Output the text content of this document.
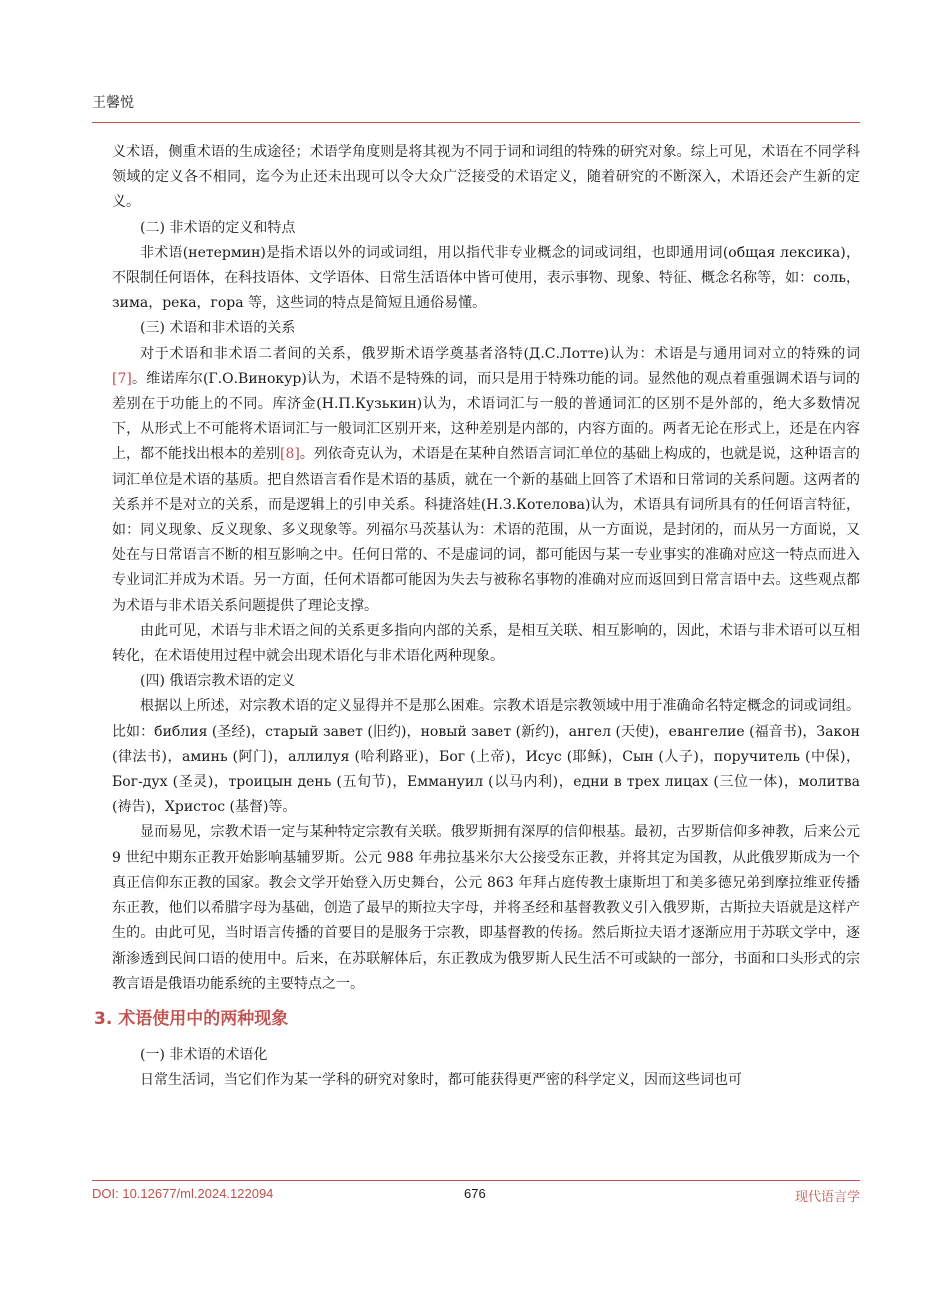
王馨悦

义术语，侧重术语的生成途径；术语学角度则是将其视为不同于词和词组的特殊的研究对象。综上可见，术语在不同学科领域的定义各不相同，迄今为止还未出现可以令大众广泛接受的术语定义，随着研究的不断深入，术语还会产生新的定义。

(二) 非术语的定义和特点

非术语(нетермин)是指术语以外的词或词组，用以指代非专业概念的词或词组，也即通用词(общая лексика)，不限制任何语体，在科技语体、文学语体、日常生活语体中皆可使用，表示事物、现象、特征、概念名称等，如：соль，зима，река，гора 等，这些词的特点是简短且通俗易懂。

(三) 术语和非术语的关系

对于术语和非术语二者间的关系，俄罗斯术语学奠基者洛特(Д.С.Лотте)认为：术语是与通用词对立的特殊的词[7]。维诺库尔(Г.О.Винокур)认为，术语不是特殊的词，而只是用于特殊功能的词。显然他的观点着重强调术语与词的差别在于功能上的不同。库济金(Н.П.Кузькин)认为，术语词汇与一般的普通词汇的区别不是外部的，绝大多数情况下，从形式上不可能将术语词汇与一般词汇区别开来，这种差别是内部的，内容方面的。两者无论在形式上，还是在内容上，都不能找出根本的差别[8]。列依奇克认为，术语是在某种自然语言词汇单位的基础上构成的，也就是说，这种语言的词汇单位是术语的基质。把自然语言看作是术语的基质，就在一个新的基础上回答了术语和日常词的关系问题。这两者的关系并不是对立的关系，而是逻辑上的引申关系。科捷洛娃(Н.З.Котелова)认为，术语具有词所具有的任何语言特征，如：同义现象、反义现象、多义现象等。列福尔马茨基认为：术语的范围，从一方面说，是封闭的，而从另一方面说，又处在与日常语言不断的相互影响之中。任何日常的、不是虚词的词，都可能因与某一专业事实的准确对应这一特点而进入专业词汇并成为术语。另一方面，任何术语都可能因为失去与被称名事物的准确对应而返回到日常言语中去。这些观点都为术语与非术语关系问题提供了理论支撑。

由此可见，术语与非术语之间的关系更多指向内部的关系，是相互关联、相互影响的，因此，术语与非术语可以互相转化，在术语使用过程中就会出现术语化与非术语化两种现象。

(四) 俄语宗教术语的定义

根据以上所述，对宗教术语的定义显得并不是那么困难。宗教术语是宗教领域中用于准确命名特定概念的词或词组。比如：библия (圣经)，старый завет (旧约)，новый завет (新约)，ангел (天使)，евангелие (福音书)，Закон (律法书)，аминь (阿门)，аллилуя (哈利路亚)，Бог (上帝)，Исус (耶稣)，Сын (人子)，поручитель (中保)，Бог-дух (圣灵)，троицын день (五旬节)，Еммануил (以马内利)，едни в трех лицах (三位一体)，молитва (祷告)，Христос (基督)等。

显而易见，宗教术语一定与某种特定宗教有关联。俄罗斯拥有深厚的信仰根基。最初，古罗斯信仰多神教，后来公元 9 世纪中期东正教开始影响基辅罗斯。公元 988 年弗拉基米尔大公接受东正教，并将其定为国教，从此俄罗斯成为一个真正信仰东正教的国家。教会文学开始登入历史舞台，公元 863 年拜占庭传教士康斯坦丁和美多德兄弟到摩拉维亚传播东正教，他们以希腊字母为基础，创造了最早的斯拉夫字母，并将圣经和基督教教义引入俄罗斯，古斯拉夫语就是这样产生的。由此可见，当时语言传播的首要目的是服务于宗教，即基督教的传扬。然后斯拉夫语才逐渐应用于苏联文学中，逐渐渗透到民间口语的使用中。后来，在苏联解体后，东正教成为俄罗斯人民生活不可或缺的一部分，书面和口头形式的宗教言语是俄语功能系统的主要特点之一。

3. 术语使用中的两种现象

(一) 非术语的术语化

日常生活词，当它们作为某一学科的研究对象时，都可能获得更严密的科学定义，因而这些词也可

DOI: 10.12677/ml.2024.122094	676	现代语言学
